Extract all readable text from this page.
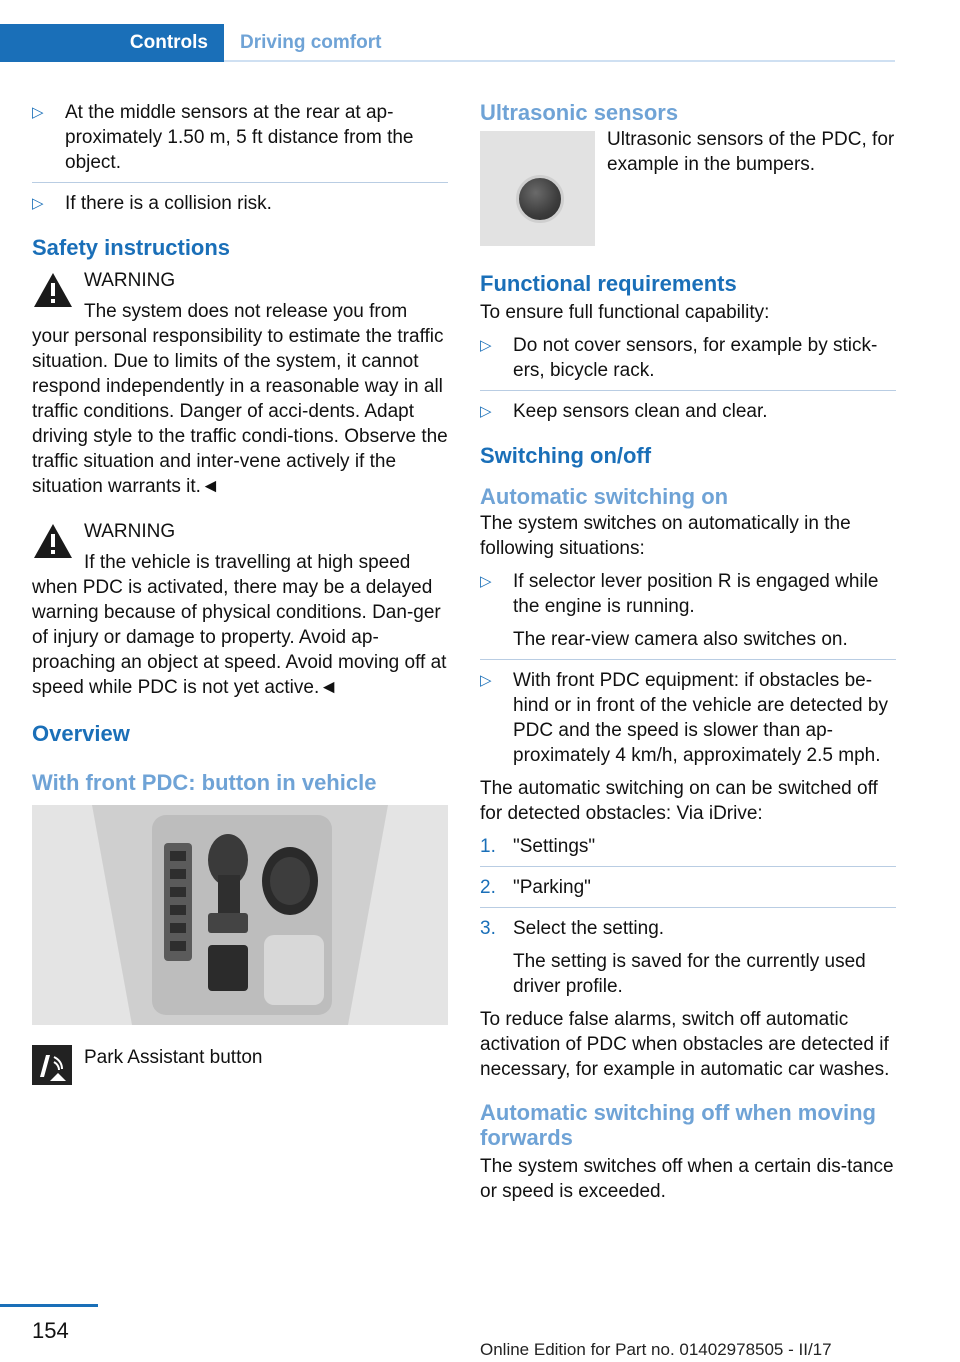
Controls	Driving comfort
▷ At the middle sensors at the rear at ap‐proximately 1.50 m, 5 ft distance from the object.
▷ If there is a collision risk.
Safety instructions
WARNING
The system does not release you from your personal responsibility to estimate the traffic situation. Due to limits of the system, it cannot respond independently in a reasonable way in all traffic conditions. Danger of acci‐dents. Adapt driving style to the traffic condi‐tions. Observe the traffic situation and inter‐vene actively if the situation warrants it.◄
WARNING
If the vehicle is travelling at high speed when PDC is activated, there may be a delayed warning because of physical conditions. Dan‐ger of injury or damage to property. Avoid ap‐proaching an object at speed. Avoid moving off at speed while PDC is not yet active.◄
Overview
With front PDC: button in vehicle
Park Assistant button
Ultrasonic sensors
Ultrasonic sensors of the PDC, for example in the bumpers.
Functional requirements

To ensure full functional capability:

▷ Do not cover sensors, for example by stick‐ers, bicycle rack.
▷ Keep sensors clean and clear.
Switching on/off
Automatic switching on

The system switches on automatically in the following situations:

▷ If selector lever position R is engaged while the engine is running.
The rear-view camera also switches on.
▷ With front PDC equipment: if obstacles be‐hind or in front of the vehicle are detected by PDC and the speed is slower than ap‐proximately 4 km/h, approximately 2.5 mph.

The automatic switching on can be switched off for detected obstacles: Via iDrive:

1. "Settings"
2. "Parking"
3. Select the setting.
The setting is saved for the currently used driver profile.

To reduce false alarms, switch off automatic activation of PDC when obstacles are detected if necessary, for example in automatic car washes.

Automatic switching off when moving forwards

The system switches off when a certain dis‐tance or speed is exceeded.

154
Online Edition for Part no. 01402978505 - II/17
